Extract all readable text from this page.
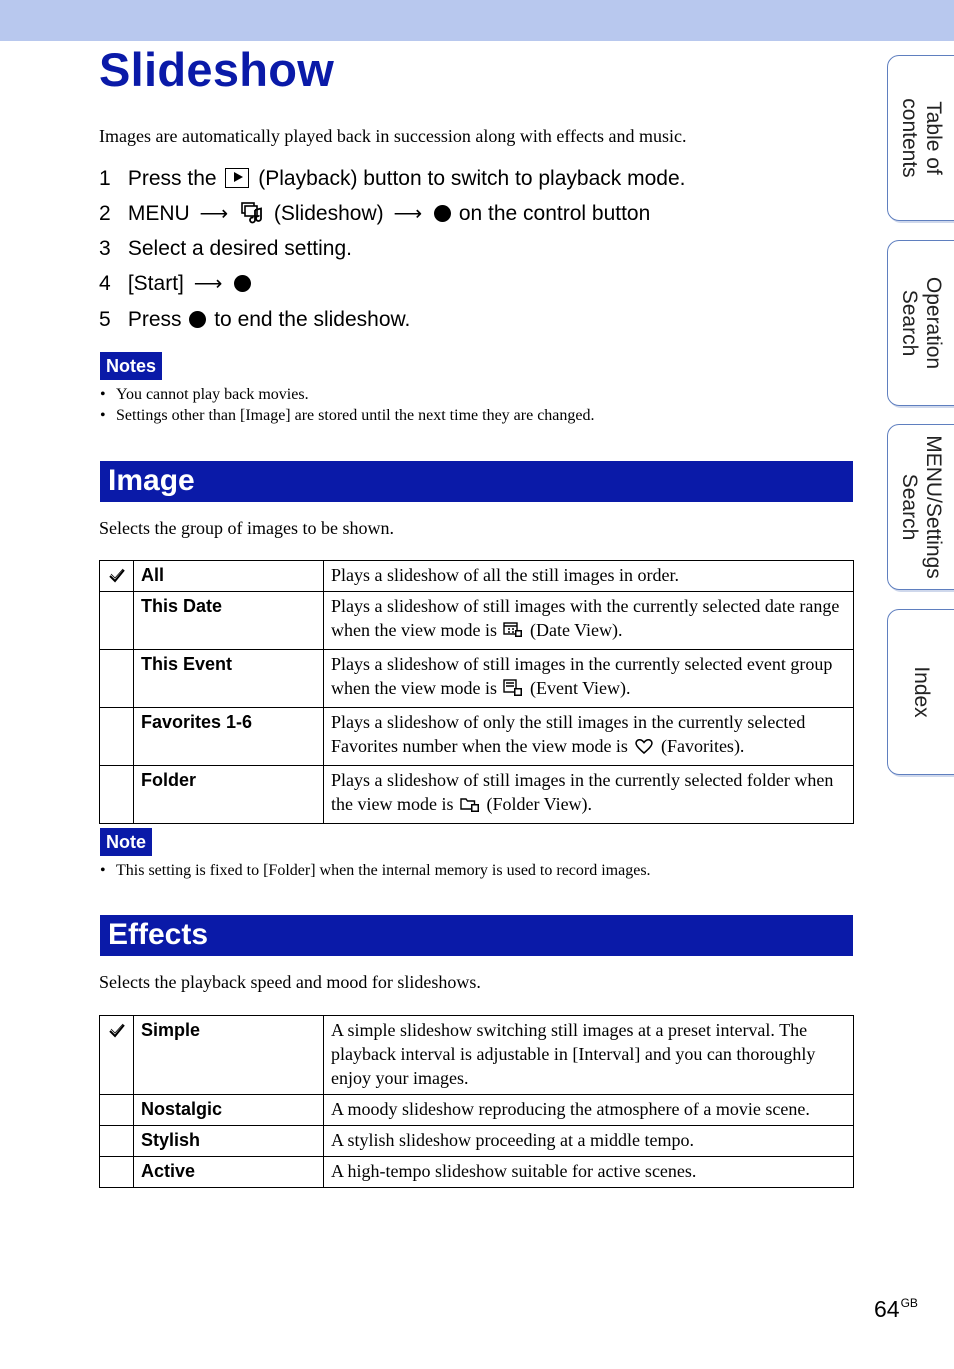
Slideshow
Images are automatically played back in succession along with effects and music.
1 Press the (Playback) button to switch to playback mode.
2 MENU ⟶ (Slideshow) ⟶ on the control button
3 Select a desired setting.
4 [Start] ⟶
5 Press to end the slideshow.
Notes
• You cannot play back movies.
• Settings other than [Image] are stored until the next time they are changed.
Image
Selects the group of images to be shown.
	All	Plays a slideshow of all the still images in order.
	This Date	Plays a slideshow of still images with the currently selected date range when the view mode is (Date View).
	This Event	Plays a slideshow of still images in the currently selected event group when the view mode is (Event View).
	Favorites 1-6	Plays a slideshow of only the still images in the currently selected Favorites number when the view mode is (Favorites).
	Folder	Plays a slideshow of still images in the currently selected folder when the view mode is (Folder View).
Note
• This setting is fixed to [Folder] when the internal memory is used to record images.
Effects
Selects the playback speed and mood for slideshows.
	Simple	A simple slideshow switching still images at a preset interval. The playback interval is adjustable in [Interval] and you can thoroughly enjoy your images.
	Nostalgic	A moody slideshow reproducing the atmosphere of a movie scene.
	Stylish	A stylish slideshow proceeding at a middle tempo.
	Active	A high-tempo slideshow suitable for active scenes.
Table of
contents
Operation
Search
MENU/Settings
Search
Index
$64^{GB}$
